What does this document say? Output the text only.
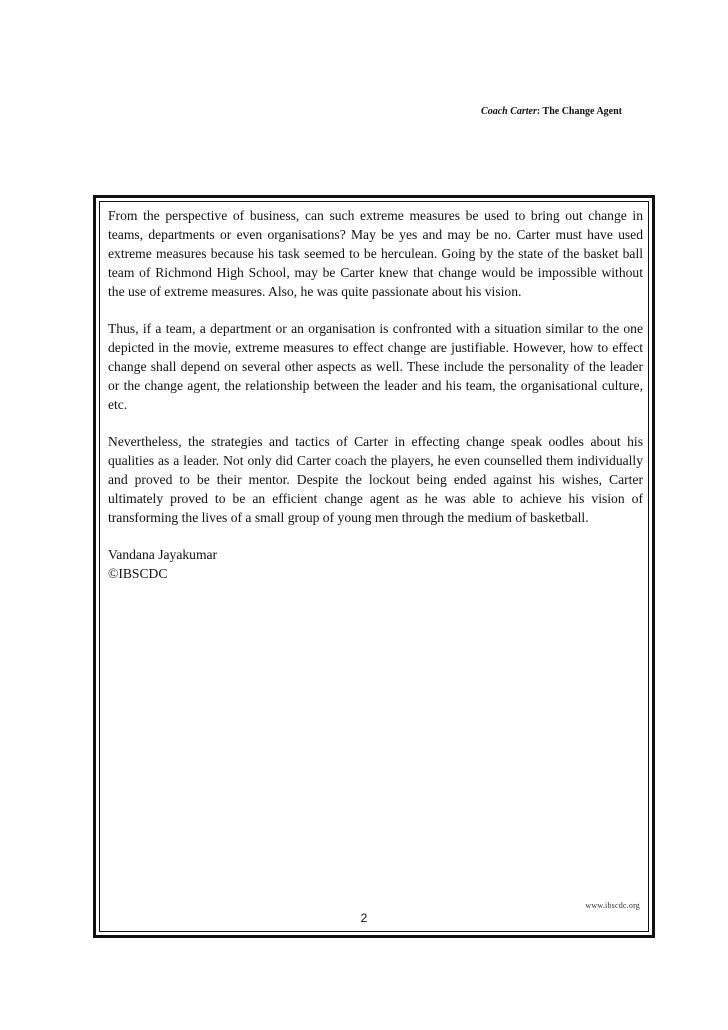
Coach Carter: The Change Agent

From the perspective of business, can such extreme measures be used to bring out change in teams, departments or even organisations? May be yes and may be no. Carter must have used extreme measures because his task seemed to be herculean. Going by the state of the basket ball team of Richmond High School, may be Carter knew that change would be impossible without the use of extreme measures. Also, he was quite passionate about his vision.

Thus, if a team, a department or an organisation is confronted with a situation similar to the one depicted in the movie, extreme measures to effect change are justifiable. However, how to effect change shall depend on several other aspects as well. These include the personality of the leader or the change agent, the relationship between the leader and his team, the organisational culture, etc.

Nevertheless, the strategies and tactics of Carter in effecting change speak oodles about his qualities as a leader. Not only did Carter coach the players, he even counselled them individually and proved to be their mentor. Despite the lockout being ended against his wishes, Carter ultimately proved to be an efficient change agent as he was able to achieve his vision of transforming the lives of a small group of young men through the medium of basketball.

Vandana Jayakumar
©IBSCDC
www.ibscdc.org
2
